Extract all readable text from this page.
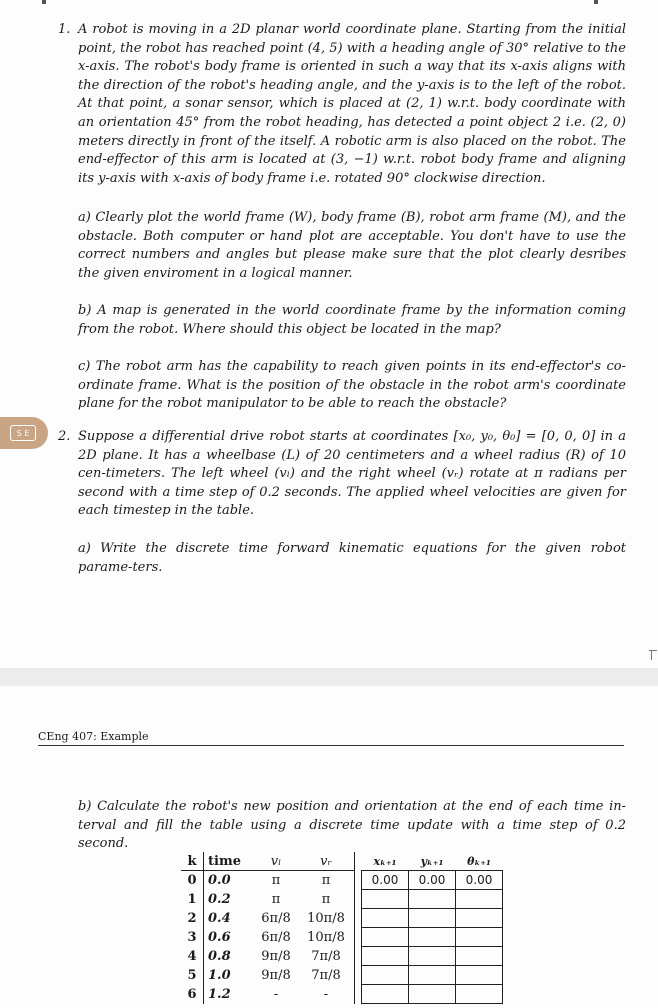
1. A robot is moving in a 2D planar world coordinate plane. Starting from the initial point, the robot has reached point (4, 5) with a heading angle of 30° relative to the x-axis. The robot's body frame is oriented in such a way that its x-axis aligns with the direction of the robot's heading angle, and the y-axis is to the left of the robot. At that point, a sonar sensor, which is placed at (2, 1) w.r.t. body coordinate with an orientation 45° from the robot heading, has detected a point object 2 i.e. (2, 0) meters directly in front of the itself. A robotic arm is also placed on the robot. The end-effector of this arm is located at (3, −1) w.r.t. robot body frame and aligning its y-axis with x-axis of body frame i.e. rotated 90° clockwise direction.
a) Clearly plot the world frame (W), body frame (B), robot arm frame (M), and the obstacle. Both computer or hand plot are acceptable. You don't have to use the correct numbers and angles but please make sure that the plot clearly desribes the given enviroment in a logical manner.
b) A map is generated in the world coordinate frame by the information coming from the robot. Where should this object be located in the map?
c) The robot arm has the capability to reach given points in its end-effector's co-ordinate frame. What is the position of the obstacle in the robot arm's coordinate plane for the robot manipulator to be able to reach the obstacle?
S E	2. Suppose a differential drive robot starts at coordinates [x₀, y₀, θ₀] = [0, 0, 0] in a 2D plane. It has a wheelbase (L) of 20 centimeters and a wheel radius (R) of 10 cen-timeters. The left wheel (vₗ) and the right wheel (vᵣ) rotate at π radians per second with a time step of 0.2 seconds. The applied wheel velocities are given for each timestep in the table.
a) Write the discrete time forward kinematic equations for the given robot parame-ters.
CEng 407: Example
b) Calculate the robot's new position and orientation at the end of each time in-terval and fill the table using a discrete time update with a time step of 0.2 second.
k	time	vₗ	vᵣ		xₖ₊₁	yₖ₊₁	θₖ₊₁
0	0.0	π	π		0.00	0.00	0.00
1	0.2	π	π				
2	0.4	6π/8	10π/8				
3	0.6	6π/8	10π/8				
4	0.8	9π/8	7π/8				
5	1.0	9π/8	7π/8				
6	1.2	-	-				
